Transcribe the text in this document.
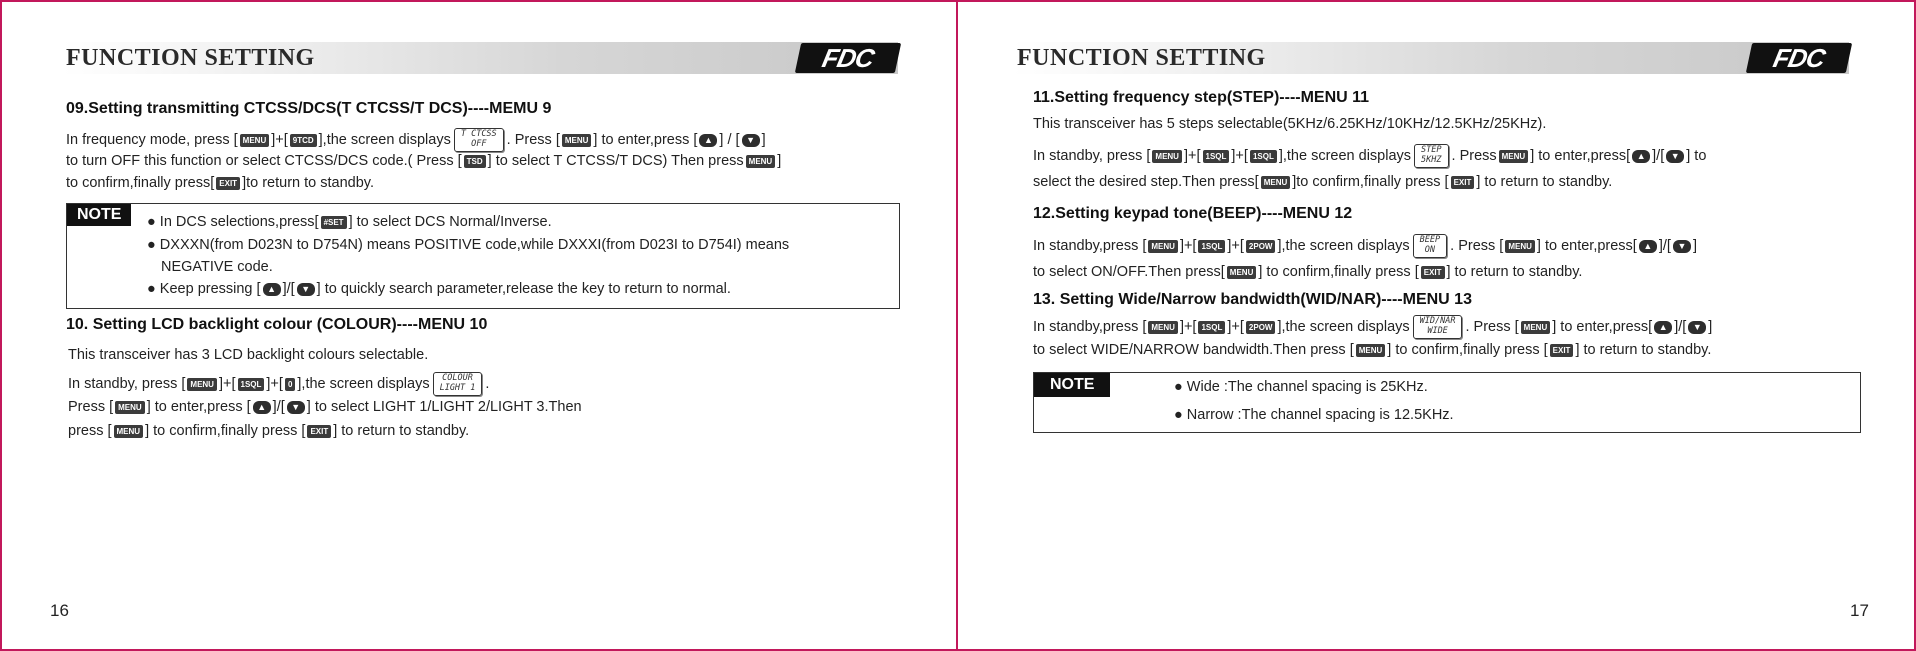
FUNCTION SETTING	FDC
09.Setting transmitting CTCSS/DCS(T CTCSS/T DCS)----MEMU 9
In frequency mode, press [ MENU ]+[ 9TCD ],the screen displays T CTCSS
OFF	. Press [ MENU ] to enter,press [ ▲ ] / [ ▼ ]
to turn OFF this function or select CTCSS/DCS code.( Press [ TSD ] to select T CTCSS/T DCS) Then press MENU ]
to confirm,finally press[ EXIT ]to return to standby.
NOTE	● In DCS selections,press[ #SET ] to select DCS Normal/Inverse.
● DXXXN(from D023N to D754N) means POSITIVE code,while DXXXI(from D023I to D754I) means
NEGATIVE code.
● Keep pressing [ ▲ ]/[ ▼ ] to quickly search parameter,release the key to return to normal.
10. Setting LCD backlight colour (COLOUR)----MENU 10
This transceiver has 3 LCD backlight colours selectable.
In standby, press [ MENU ]+[ 1SQL ]+[ 0 ],the screen displays COLOUR
LIGHT 1 .
Press [ MENU ] to enter,press [ ▲ ]/[ ▼ ] to select LIGHT 1/LIGHT 2/LIGHT 3.Then
press [ MENU ] to confirm,finally press [ EXIT ] to return to standby.
16
FUNCTION SETTING	FDC
11.Setting frequency step(STEP)----MENU 11
This transceiver has 5 steps selectable(5KHz/6.25KHz/10KHz/12.5KHz/25KHz).
In standby, press [ MENU ]+[ 1SQL ]+[ 1SQL ],the screen displays STEP
5KHZ . Press MENU ] to enter,press[ ▲ ]/[ ▼ ] to
select the desired step.Then press[ MENU ]to confirm,finally press [ EXIT ] to return to standby.
12.Setting keypad tone(BEEP)----MENU 12
In standby,press [ MENU ]+[ 1SQL ]+[ 2POW ],the screen displays BEEP
ON	. Press [ MENU ] to enter,press[ ▲ ]/[ ▼ ]
to select ON/OFF.Then press[ MENU ] to confirm,finally press [ EXIT ] to return to standby.
13. Setting Wide/Narrow bandwidth(WID/NAR)----MENU 13
In standby,press [ MENU ]+[ 1SQL ]+[ 2POW ],the screen displays WID/NAR
WIDE	. Press [ MENU ] to enter,press[ ▲ ]/[ ▼ ]
to select WIDE/NARROW bandwidth.Then press [ MENU ] to confirm,finally press [ EXIT ] to return to standby.
NOTE	● Wide :The channel spacing is 25KHz.
● Narrow :The channel spacing is 12.5KHz.
17
